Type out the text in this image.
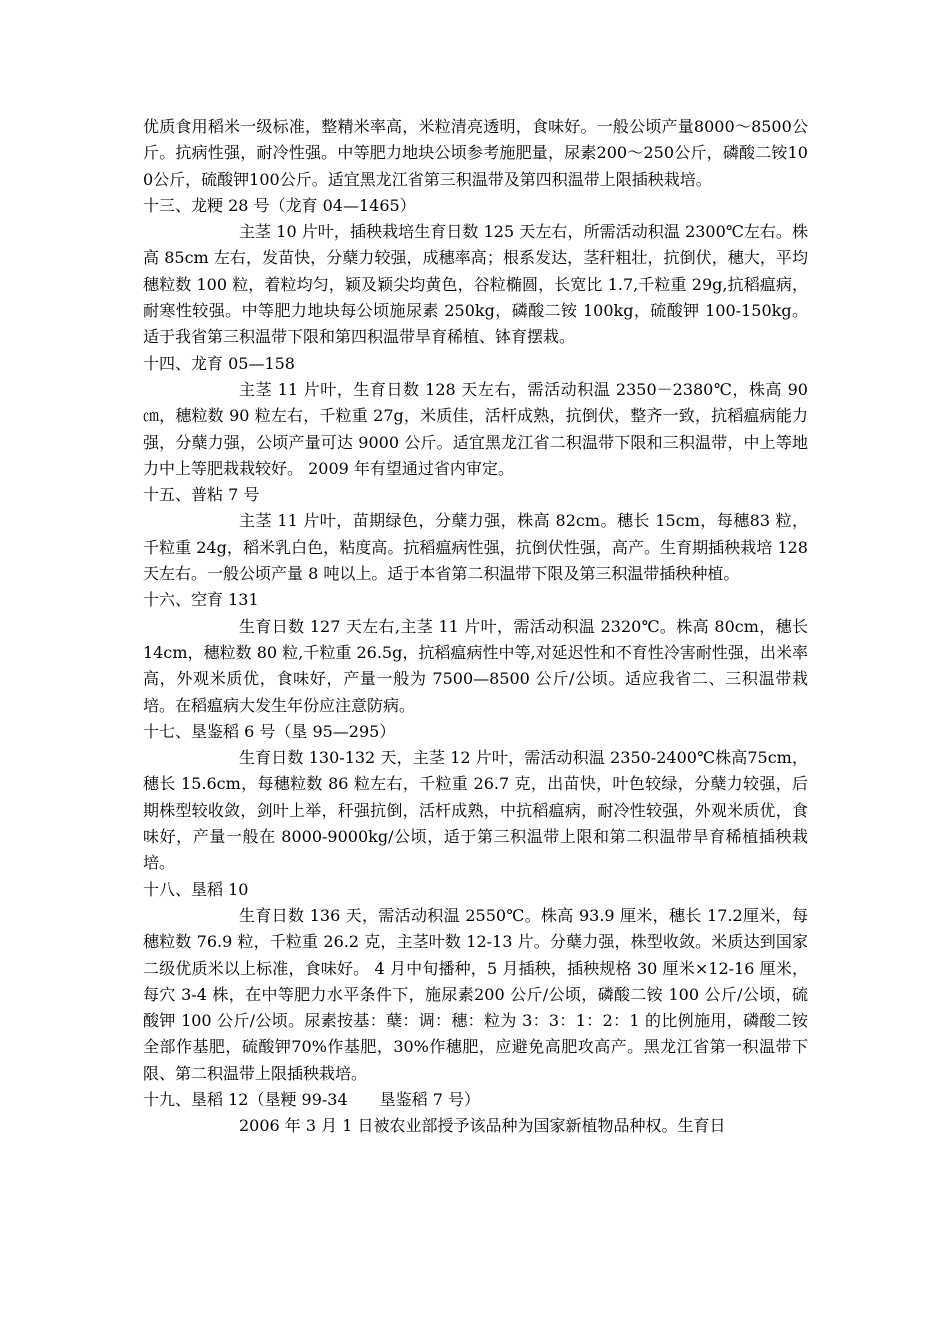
优质食用稻米一级标准，整精米率高，米粒清亮透明，食味好。一般公顷产量8000～8500公斤。抗病性强，耐冷性强。中等肥力地块公顷参考施肥量，尿素200～250公斤，磷酸二铵100公斤，硫酸钾100公斤。适宜黑龙江省第三积温带及第四积温带上限插秧栽培。

十三、龙粳 28 号（龙育 04—1465）

主茎 10 片叶，插秧栽培生育日数 125 天左右，所需活动积温 2300℃左右。株高 85cm 左右，发苗快，分蘖力较强，成穗率高；根系发达，茎秆粗壮，抗倒伏，穗大，平均穗粒数 100 粒，着粒均匀，颖及颖尖均黄色，谷粒椭圆，长宽比 1.7,千粒重 29g,抗稻瘟病，耐寒性较强。中等肥力地块每公顷施尿素 250kg，磷酸二铵 100kg，硫酸钾 100-150kg。适于我省第三积温带下限和第四积温带旱育稀植、钵育摆栽。

十四、龙育 05—158

主茎 11 片叶，生育日数 128 天左右，需活动积温 2350－2380℃，株高 90㎝，穗粒数 90 粒左右，千粒重 27g，米质佳，活杆成熟，抗倒伏，整齐一致，抗稻瘟病能力强，分蘖力强，公顷产量可达 9000 公斤。适宜黑龙江省二积温带下限和三积温带，中上等地力中上等肥栽栽较好。 2009 年有望通过省内审定。

十五、普粘 7 号

主茎 11 片叶，苗期绿色，分蘖力强，株高 82cm。穗长 15cm，每穗83 粒，千粒重 24g，稻米乳白色，粘度高。抗稻瘟病性强，抗倒伏性强，高产。生育期插秧栽培 128 天左右。一般公顷产量 8 吨以上。适于本省第二积温带下限及第三积温带插秧种植。

十六、空育 131

生育日数 127 天左右,主茎 11 片叶，需活动积温 2320℃。株高 80cm，穗长 14cm，穗粒数 80 粒,千粒重 26.5g，抗稻瘟病性中等,对延迟性和不育性冷害耐性强，出米率高，外观米质优，食味好，产量一般为 7500—8500 公斤/公顷。适应我省二、三积温带栽培。在稻瘟病大发生年份应注意防病。

十七、垦鉴稻 6 号（垦 95—295）

生育日数 130-132 天，主茎 12 片叶，需活动积温 2350-2400℃株高75cm，穗长 15.6cm，每穗粒数 86 粒左右，千粒重 26.7 克，出苗快，叶色较绿，分蘖力较强，后期株型较收敛，剑叶上举，秆强抗倒，活杆成熟，中抗稻瘟病，耐冷性较强，外观米质优，食味好，产量一般在 8000-9000kg/公顷，适于第三积温带上限和第二积温带旱育稀植插秧栽培。

十八、垦稻 10

生育日数 136 天，需活动积温 2550℃。株高 93.9 厘米，穗长 17.2厘米，每穗粒数 76.9 粒，千粒重 26.2 克，主茎叶数 12-13 片。分蘖力强，株型收敛。米质达到国家二级优质米以上标准，食味好。 4 月中旬播种，5 月插秧，插秧规格 30 厘米×12-16 厘米，每穴 3-4 株，在中等肥力水平条件下，施尿素200 公斤/公顷，磷酸二铵 100 公斤/公顷，硫酸钾 100 公斤/公顷。尿素按基：蘖：调：穗：粒为 3：3：1：2：1 的比例施用，磷酸二铵全部作基肥，硫酸钾70%作基肥，30%作穗肥，应避免高肥攻高产。黑龙江省第一积温带下限、第二积温带上限插秧栽培。

十九、垦稻 12（垦粳 99-34　　垦鉴稻 7 号）

2006 年 3 月 1 日被农业部授予该品种为国家新植物品种权。生育日
